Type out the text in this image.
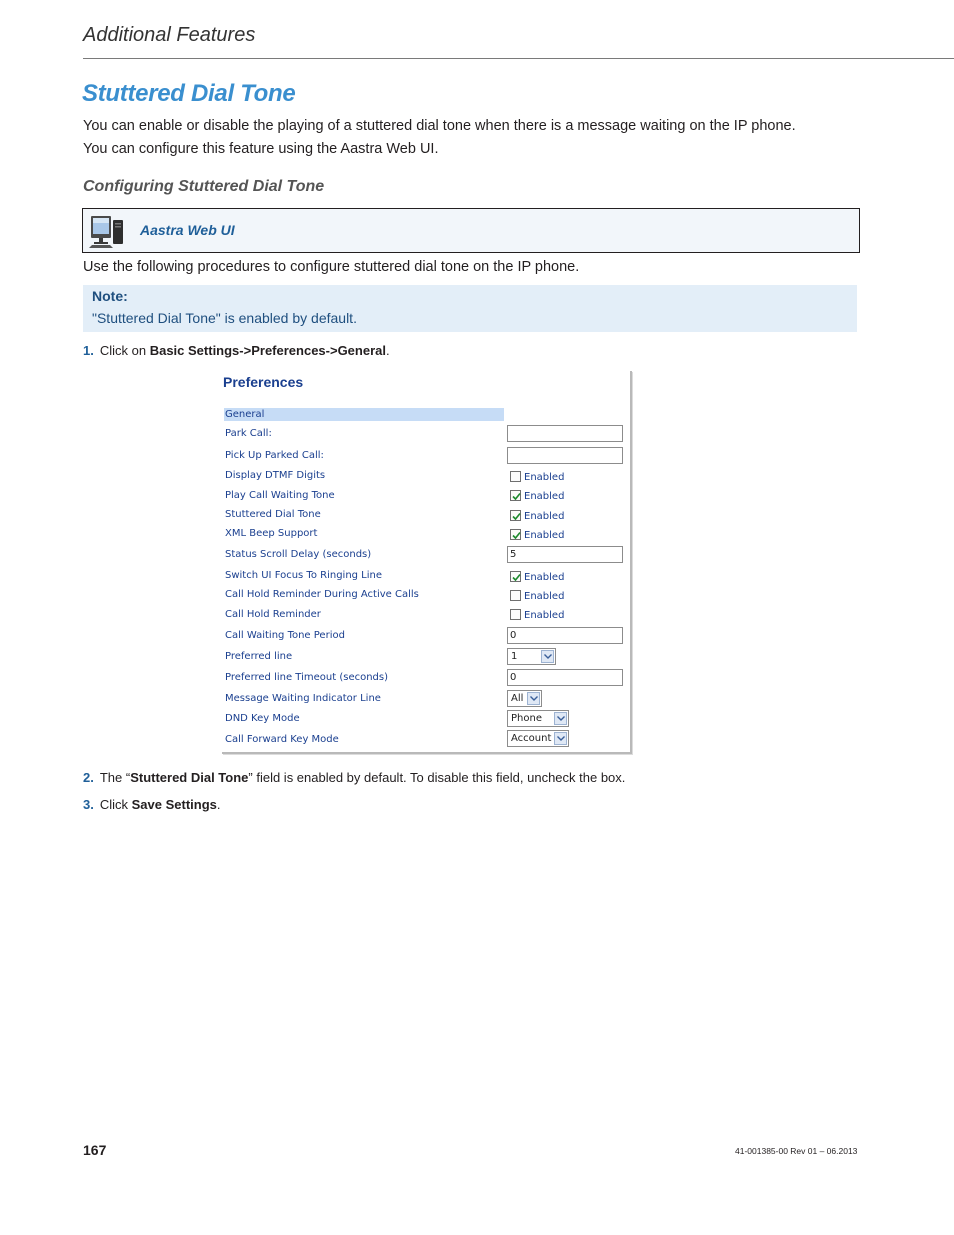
Additional Features
Stuttered Dial Tone
You can enable or disable the playing of a stuttered dial tone when there is a message waiting on the IP phone.
You can configure this feature using the Aastra Web UI.
Configuring Stuttered Dial Tone
Aastra Web UI
Use the following procedures to configure stuttered dial tone on the IP phone.
Note:
"Stuttered Dial Tone" is enabled by default.
1. Click on Basic Settings->Preferences->General.
Preferences
General
Park Call:
Pick Up Parked Call:
Display DTMF Digits	Enabled
Play Call Waiting Tone	Enabled
Stuttered Dial Tone	Enabled
XML Beep Support	Enabled
Status Scroll Delay (seconds)	5
Switch UI Focus To Ringing Line	Enabled
Call Hold Reminder During Active Calls	Enabled
Call Hold Reminder	Enabled
Call Waiting Tone Period	0
Preferred line	1
Preferred line Timeout (seconds)	0
Message Waiting Indicator Line	All
DND Key Mode	Phone
Call Forward Key Mode	Account
2. The “Stuttered Dial Tone” field is enabled by default. To disable this field, uncheck the box.
3. Click Save Settings.
167	41-001385-00 Rev 01 – 06.2013
